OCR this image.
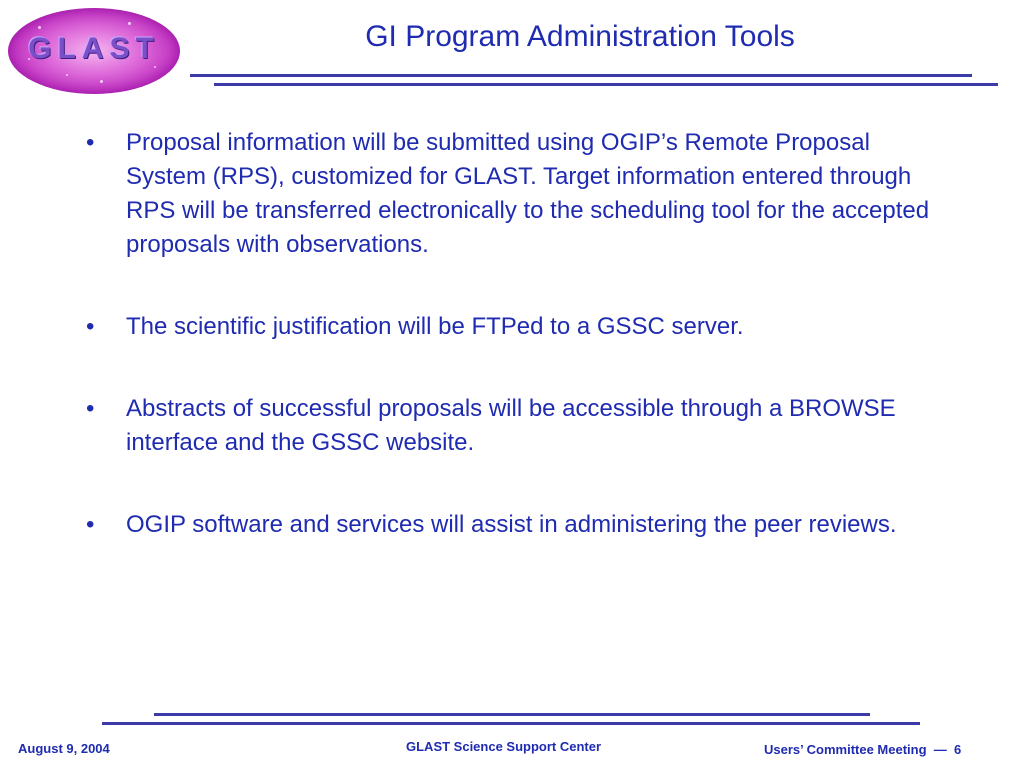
GLAST	GI Program Administration Tools
• Proposal information will be submitted using OGIP’s Remote Proposal System (RPS), customized for GLAST. Target information entered through RPS will be transferred electronically to the scheduling tool for the accepted proposals with observations.
• The scientific justification will be FTPed to a GSSC server.
• Abstracts of successful proposals will be accessible through a BROWSE interface and the GSSC website.
• OGIP software and services will assist in administering the peer reviews.
August 9, 2004	GLAST Science Support Center	Users’ Committee Meeting  —  6
